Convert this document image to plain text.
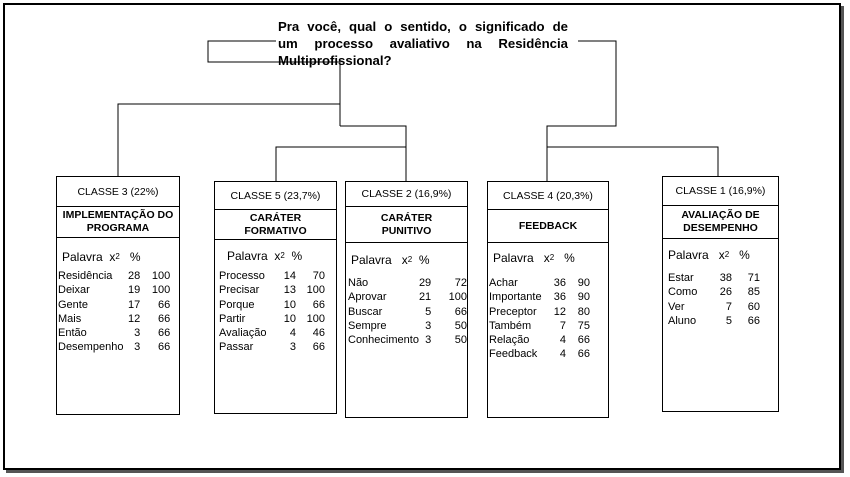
Pra você, qual o sentido, o significado de
um processo avaliativo na Residência
Multiprofissional?
CLASSE 3 (22%)
IMPLEMENTAÇÃO DO
PROGRAMA
Palavra $x^2$ %
Residência	28	100
Deixar	19	100
Gente	17	66
Mais	12	66
Então	3	66
Desempenho	3	66
CLASSE 5 (23,7%)
CARÁTER
FORMATIVO
Palavra $x^2$ %
Processo	14	70
Precisar	13	100
Porque	10	66
Partir	10	100
Avaliação	4	46
Passar	3	66
CLASSE 2 (16,9%)
CARÁTER
PUNITIVO
Palavra $x^2$ %
Não	29	72
Aprovar	21	100
Buscar	5	66
Sempre	3	50
Conhecimento	3	50
CLASSE 4 (20,3%)
FEEDBACK
Palavra $x^2$ %
Achar	36	90
Importante	36	90
Preceptor	12	80
Também	7	75
Relação	4	66
Feedback	4	66
CLASSE 1 (16,9%)
AVALIAÇÃO DE
DESEMPENHO
Palavra $x^2$ %
Estar	38	71
Como	26	85
Ver	7	60
Aluno	5	66
